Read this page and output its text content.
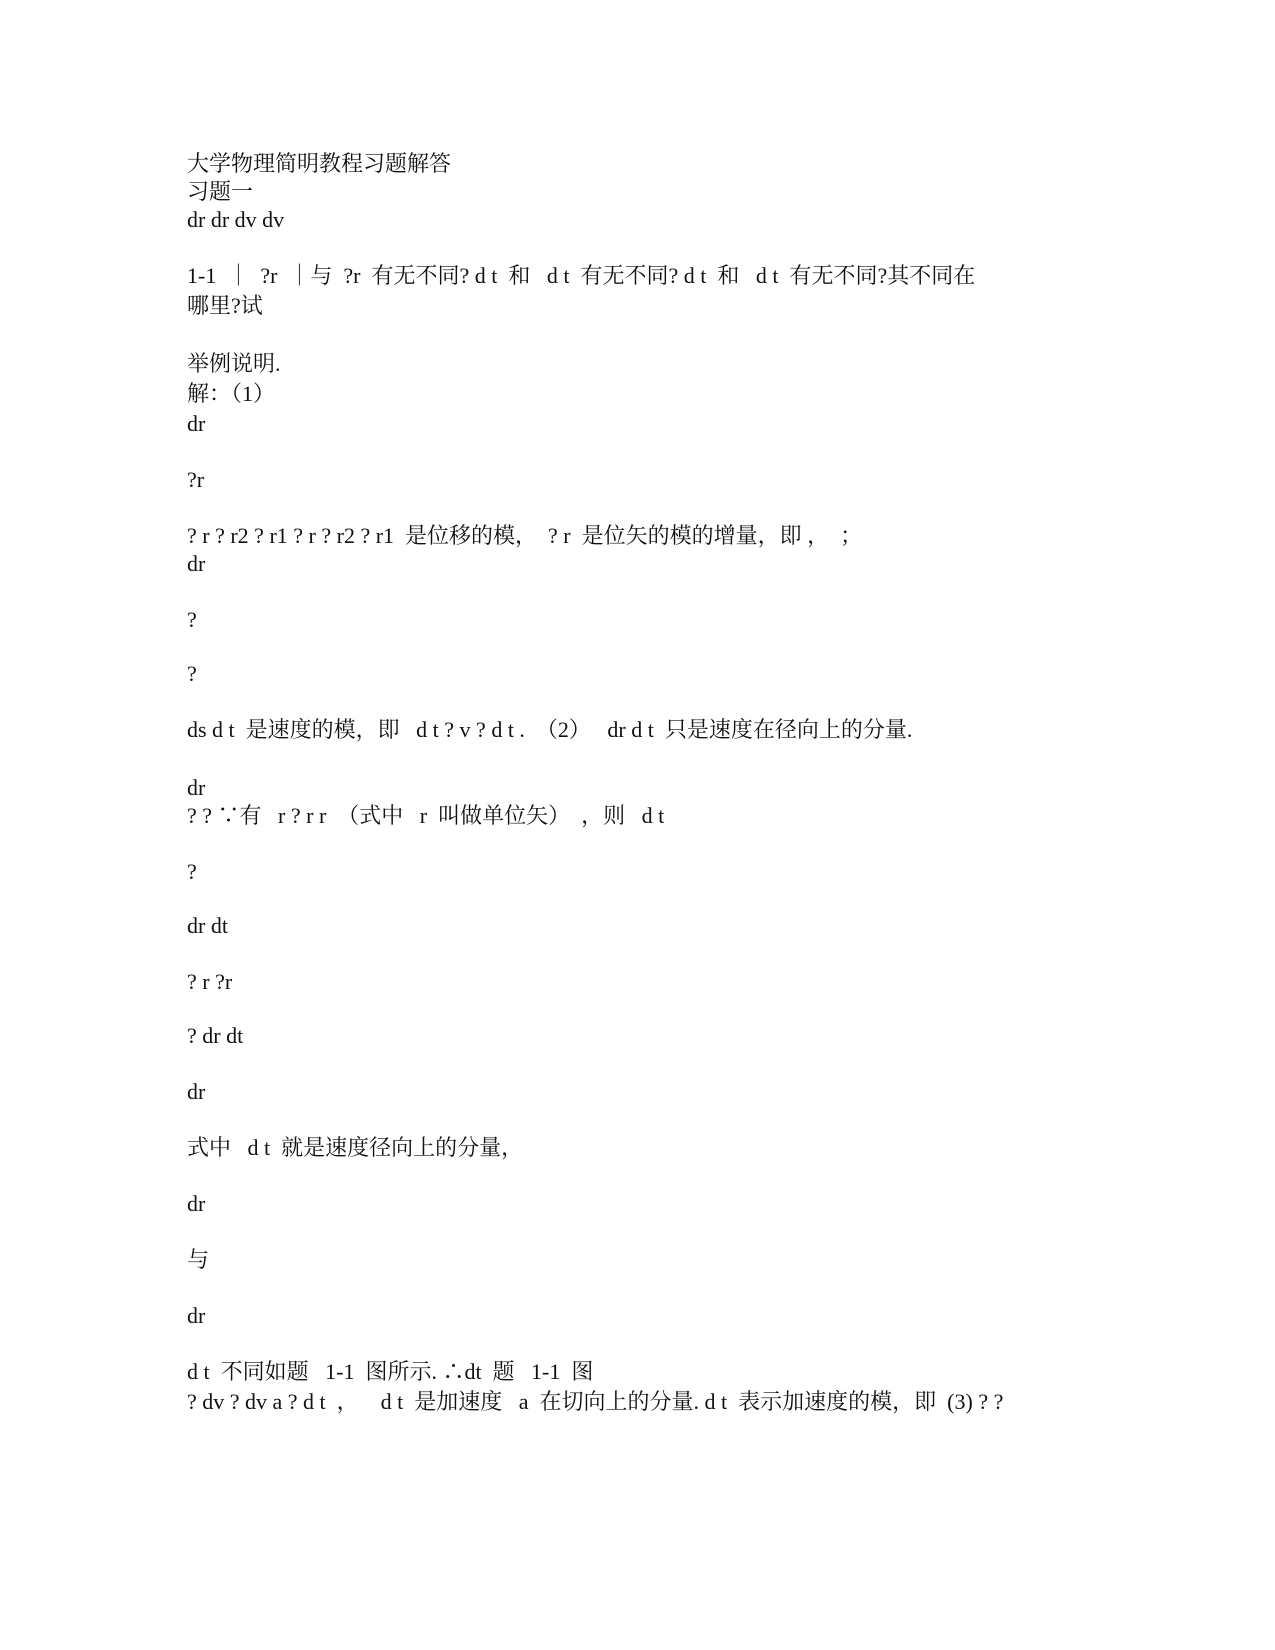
大学物理简明教程习题解答

习题一

dr dr dv dv

1-1  ｜  ?r  ｜与  ?r  有无不同? d t  和   d t  有无不同? d t  和   d t  有无不同?其不同在

哪里?试

举例说明.

解：（1）

dr

?r

? r ? r2 ? r1 ? r ? r2 ? r1  是位移的模，  ? r  是位矢的模的增量，即 ，  ；

dr

?

?

ds d t  是速度的模，即   d t ? v ? d t .  （2）   dr d t  只是速度在径向上的分量.

dr

? ? ∵有   r ? r r  （式中   r  叫做单位矢）  ，则   d t

?

dr dt

? r ?r

? dr dt

dr

式中   d t  就是速度径向上的分量，

dr

与

dr

d t  不同如题   1-1  图所示. ∴dt  题   1-1  图

? dv ? dv a ? d t  ，    d t  是加速度   a  在切向上的分量. d t  表示加速度的模，即  (3) ? ?
